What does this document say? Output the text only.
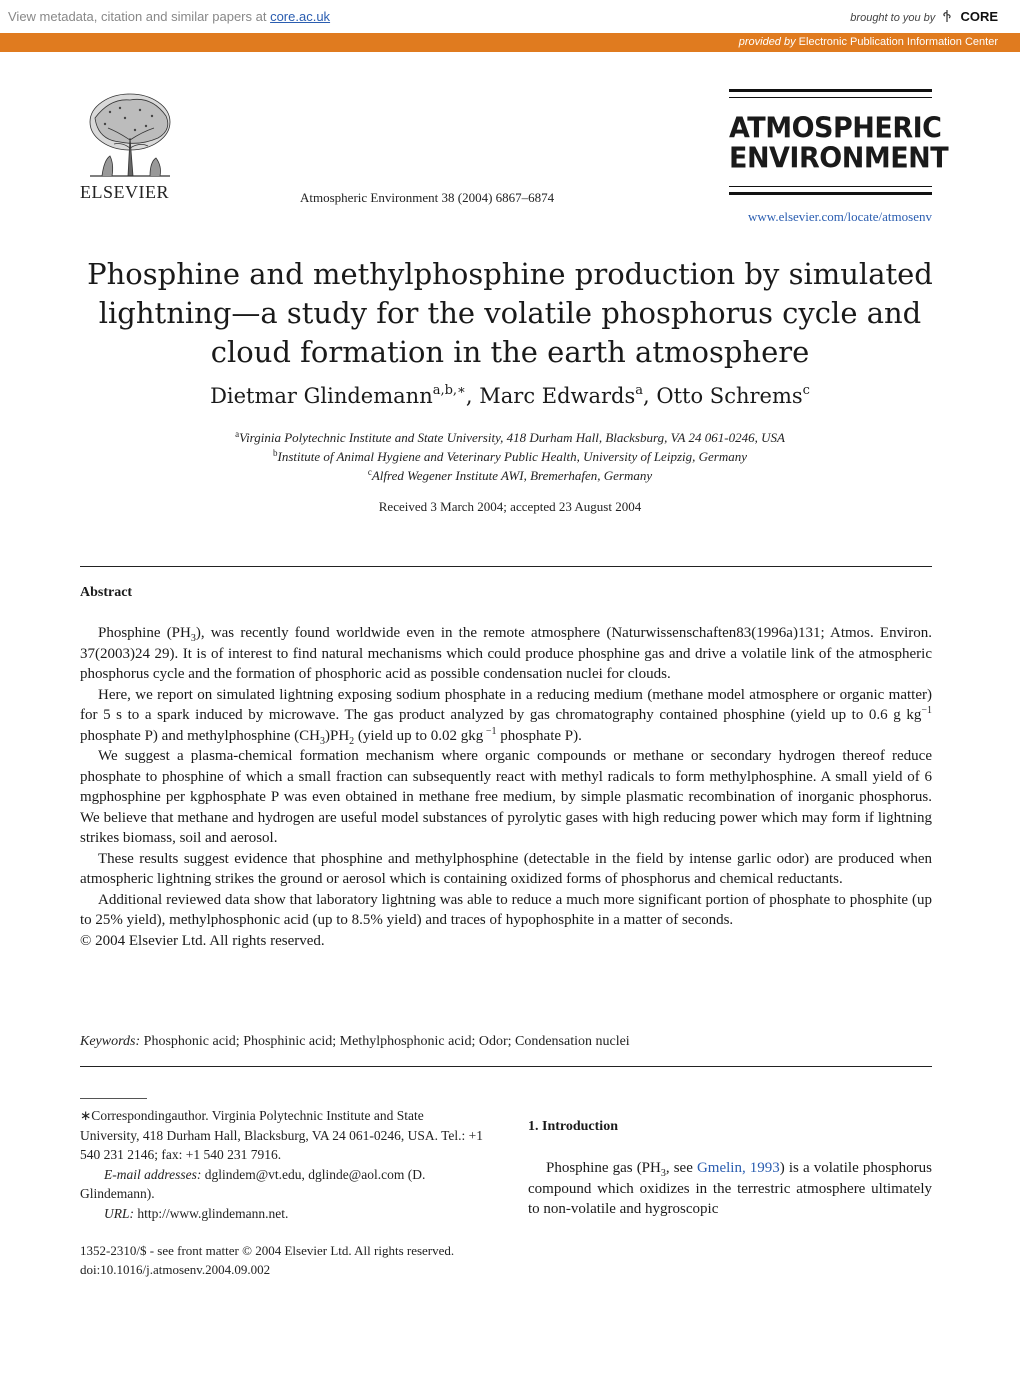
View metadata, citation and similar papers at core.ac.uk	brought to you by CORE
provided by Electronic Publication Information Center
ELSEVIER	Atmospheric Environment 38 (2004) 6867–6874
ATMOSPHERIC
ENVIRONMENT
www.elsevier.com/locate/atmosenv
Phosphine and methylphosphine production by simulated
lightning—a study for the volatile phosphorus cycle and
cloud formation in the earth atmosphere
Dietmar Glindemann$^{a,b,∗}$, Marc Edwards$^a$, Otto Schrems$^c$
$^a$Virginia Polytechnic Institute and State University, 418 Durham Hall, Blacksburg, VA 24 061-0246, USA
$^b$Institute of Animal Hygiene and Veterinary Public Health, University of Leipzig, Germany
$^c$Alfred Wegener Institute AWI, Bremerhafen, Germany
Received 3 March 2004; accepted 23 August 2004
Abstract

Phosphine $(PH_3)$, was recently found worldwide even in the remote atmosphere (Naturwissenschaften83(1996a)131; Atmos. Environ. 37(2003)24 29). It is of interest to find natural mechanisms which could produce phosphine gas and drive a volatile link of the atmospheric phosphorus cycle and the formation of phosphoric acid as possible condensation nuclei for clouds.

Here, we report on simulated lightning exposing sodium phosphate in a reducing medium (methane model atmosphere or organic matter) for 5 s to a spark induced by microwave. The gas product analyzed by gas chromatography contained phosphine (yield up to 0.6 g $kg^{-1}$ phosphate P) and methylphosphine $(CH_3)PH_2$ (yield up to 0.02 gkg $^{-1}$ phosphate P).

We suggest a plasma-chemical formation mechanism where organic compounds or methane or secondary hydrogen thereof reduce phosphate to phosphine of which a small fraction can subsequently react with methyl radicals to form methylphosphine. A small yield of 6 mgphosphine per kgphosphate P was even obtained in methane free medium, by simple plasmatic recombination of inorganic phosphorus. We believe that methane and hydrogen are useful model substances of pyrolytic gases with high reducing power which may form if lightning strikes biomass, soil and aerosol.

These results suggest evidence that phosphine and methylphosphine (detectable in the field by intense garlic odor) are produced when atmospheric lightning strikes the ground or aerosol which is containing oxidized forms of phosphorus and chemical reductants.

Additional reviewed data show that laboratory lightning was able to reduce a much more significant portion of phosphate to phosphite (up to 25% yield), methylphosphonic acid (up to 8.5% yield) and traces of hypophosphite in a matter of seconds.

© 2004 Elsevier Ltd. All rights reserved.
Keywords: Phosphonic acid; Phosphinic acid; Methylphosphonic acid; Odor; Condensation nuclei

∗Correspondingauthor. Virginia Polytechnic Institute and State University, 418 Durham Hall, Blacksburg, VA 24 061-0246, USA. Tel.: +1 540 231 2146; fax: +1 540 231 7916.

E-mail addresses: dglindem@vt.edu, dglinde@aol.com (D. Glindemann).

URL: http://www.glindemann.net.

1. Introduction

Phosphine gas ($PH_3$, see Gmelin, 1993) is a volatile phosphorus compound which oxidizes in the terrestric atmosphere ultimately to non-volatile and hygroscopic

1352-2310/$ - see front matter © 2004 Elsevier Ltd. All rights reserved.
doi:10.1016/j.atmosenv.2004.09.002
